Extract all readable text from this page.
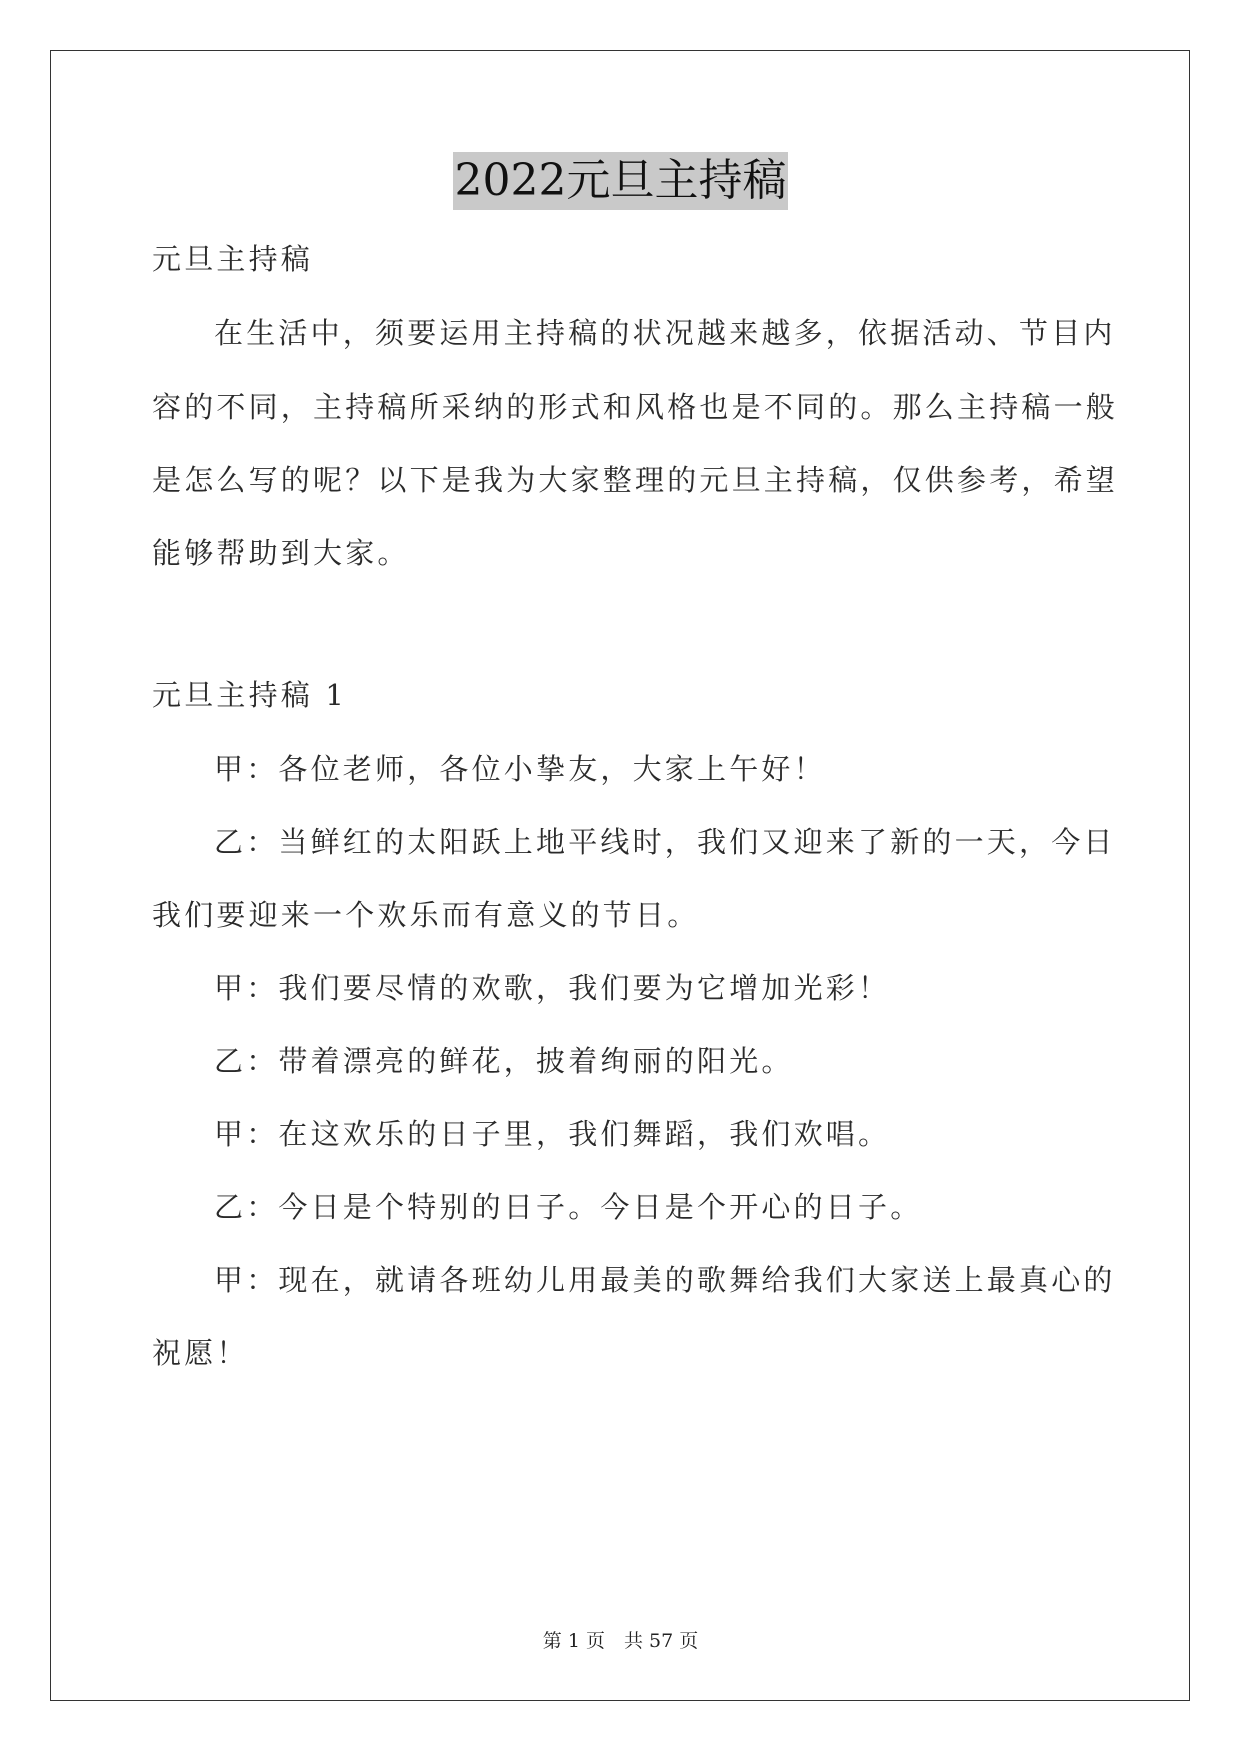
2022元旦主持稿
元旦主持稿
在生活中，须要运用主持稿的状况越来越多，依据活动、节目内
容的不同，主持稿所采纳的形式和风格也是不同的。那么主持稿一般
是怎么写的呢？以下是我为大家整理的元旦主持稿，仅供参考，希望
能够帮助到大家。
元旦主持稿 1
甲：各位老师，各位小挚友，大家上午好！
乙：当鲜红的太阳跃上地平线时，我们又迎来了新的一天，今日
我们要迎来一个欢乐而有意义的节日。
甲：我们要尽情的欢歌，我们要为它增加光彩！
乙：带着漂亮的鲜花，披着绚丽的阳光。
甲：在这欢乐的日子里，我们舞蹈，我们欢唱。
乙：今日是个特别的日子。今日是个开心的日子。
甲：现在，就请各班幼儿用最美的歌舞给我们大家送上最真心的
祝愿！
第 1 页　共 57 页
